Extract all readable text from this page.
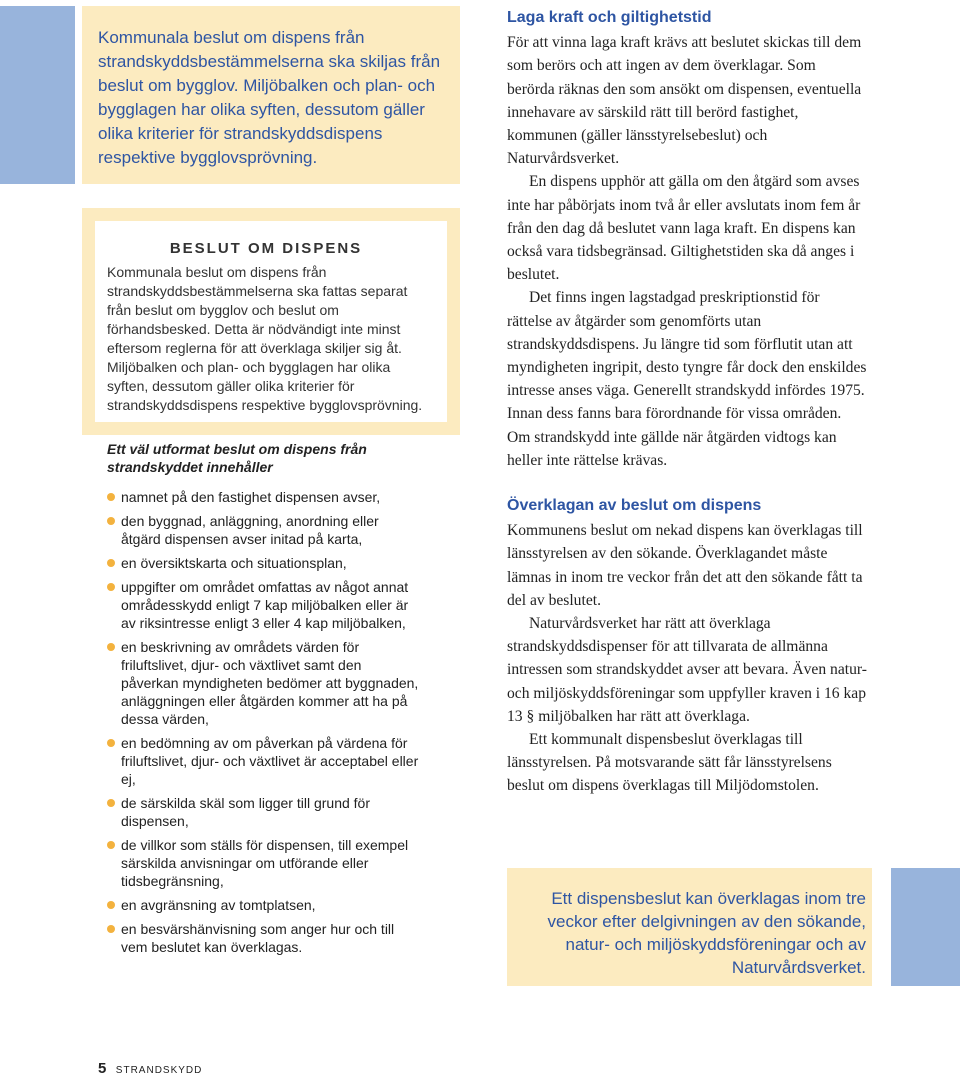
Kommunala beslut om dispens från strandskyddsbestämmelserna ska skiljas från beslut om bygglov. Miljöbalken och plan- och bygglagen har olika syften, dessutom gäller olika kriterier för strandskyddsdispens respektive bygglovsprövning.
BESLUT OM DISPENS

Kommunala beslut om dispens från strandskyddsbestämmelserna ska fattas separat från beslut om bygglov och beslut om förhandsbesked. Detta är nödvändigt inte minst eftersom reglerna för att överklaga skiljer sig åt. Miljöbalken och plan- och bygglagen har olika syften, dessutom gäller olika kriterier för strandskyddsdispens respektive bygglovsprövning.

Ett väl utformat beslut om dispens från strandskyddet innehåller

namnet på den fastighet dispensen avser,
den byggnad, anläggning, anordning eller åtgärd dispensen avser initad på karta,
en översiktskarta och situationsplan,
uppgifter om området omfattas av något annat områdesskydd enligt 7 kap miljöbalken eller är av riksintresse enligt 3 eller 4 kap miljöbalken,
en beskrivning av områdets värden för friluftslivet, djur- och växtlivet samt den påverkan myndigheten bedömer att byggnaden, anläggningen eller åtgärden kommer att ha på dessa värden,
en bedömning av om påverkan på värdena för friluftslivet, djur- och växtlivet är acceptabel eller ej,
de särskilda skäl som ligger till grund för dispensen,
de villkor som ställs för dispensen, till exempel särskilda anvisningar om utförande eller tidsbegränsning,
en avgränsning av tomtplatsen,
en besvärshänvisning som anger hur och till vem beslutet kan överklagas.
Laga kraft och giltighetstid

För att vinna laga kraft krävs att beslutet skickas till dem som berörs och att ingen av dem överklagar. Som berörda räknas den som ansökt om dispensen, eventuella innehavare av särskild rätt till berörd fastighet, kommunen (gäller länsstyrelsebeslut) och Naturvårdsverket.

En dispens upphör att gälla om den åtgärd som avses inte har påbörjats inom två år eller avslutats inom fem år från den dag då beslutet vann laga kraft. En dispens kan också vara tidsbegränsad. Giltighetstiden ska då anges i beslutet.

Det finns ingen lagstadgad preskriptionstid för rättelse av åtgärder som genomförts utan strandskyddsdispens. Ju längre tid som förflutit utan att myndigheten ingripit, desto tyngre får dock den enskildes intresse anses väga. Generellt strandskydd infördes 1975. Innan dess fanns bara förordnande för vissa områden. Om strandskydd inte gällde när åtgärden vidtogs kan heller inte rättelse krävas.

Överklagan av beslut om dispens

Kommunens beslut om nekad dispens kan överklagas till länsstyrelsen av den sökande. Överklagandet måste lämnas in inom tre veckor från det att den sökande fått ta del av beslutet.

Naturvårdsverket har rätt att överklaga strandskyddsdispenser för att tillvarata de allmänna intressen som strandskyddet avser att bevara. Även natur- och miljöskyddsföreningar som uppfyller kraven i 16 kap 13 § miljöbalken har rätt att överklaga.

Ett kommunalt dispensbeslut överklagas till länsstyrelsen. På motsvarande sätt får länsstyrelsens beslut om dispens överklagas till Miljödomstolen.

Ett dispensbeslut kan överklagas inom tre veckor efter delgivningen av den sökande, natur- och miljöskyddsföreningar och av Naturvårdsverket.
5 STRANDSKYDD
